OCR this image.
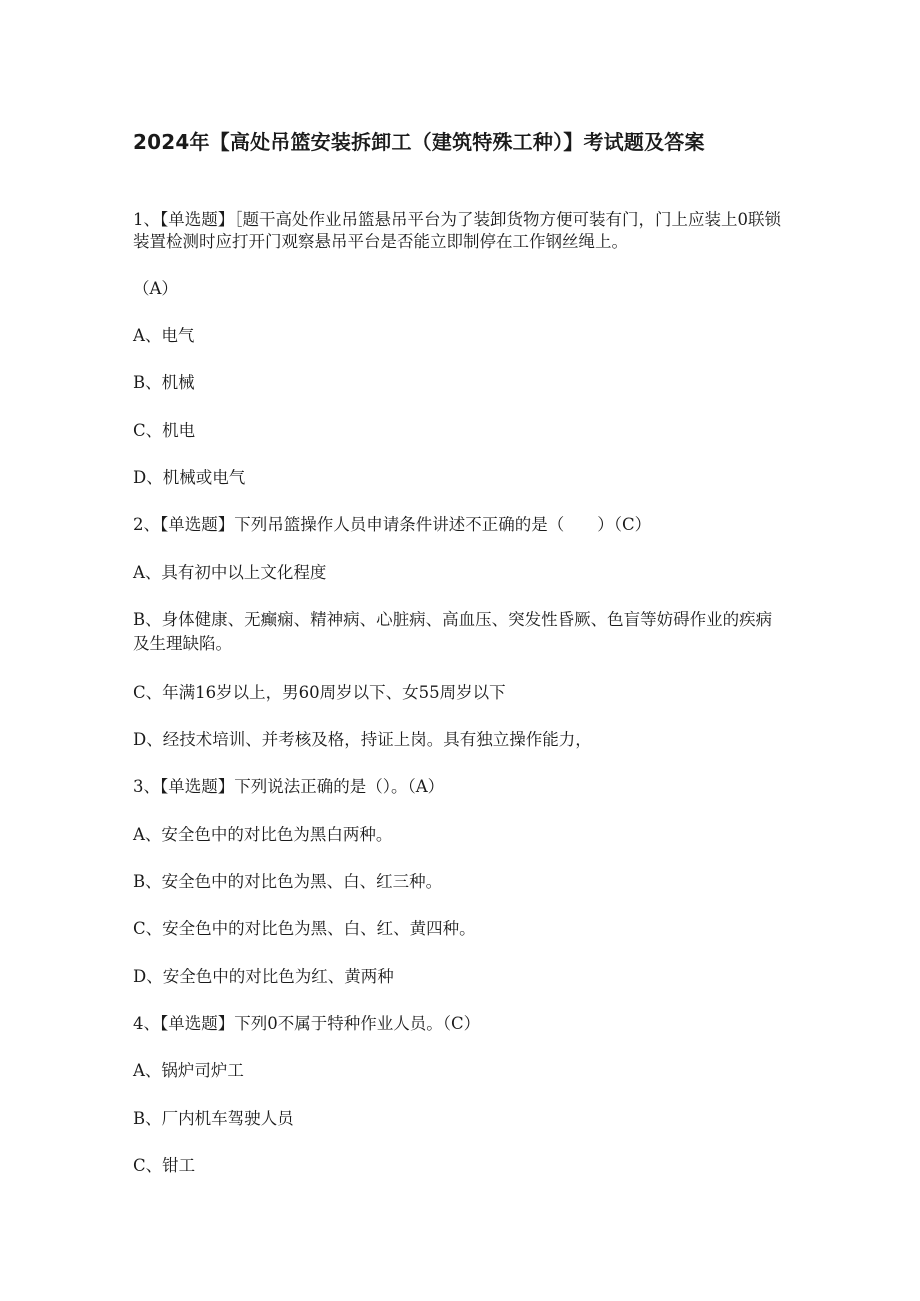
2024年【高处吊篮安装拆卸工（建筑特殊工种）】考试题及答案
1、【单选题】［题干高处作业吊篮悬吊平台为了装卸货物方便可装有门，门上应装上0联锁装置检测时应打开门观察悬吊平台是否能立即制停在工作钢丝绳上。
（A）
A、电气
B、机械
C、机电
D、机械或电气
2、【单选题】下列吊篮操作人员申请条件讲述不正确的是（　　）（C）
A、具有初中以上文化程度
B、身体健康、无癫痫、精神病、心脏病、高血压、突发性昏厥、色盲等妨碍作业的疾病及生理缺陷。
C、年满16岁以上，男60周岁以下、女55周岁以下
D、经技术培训、并考核及格，持证上岗。具有独立操作能力，
3、【单选题】下列说法正确的是（）。（A）
A、安全色中的对比色为黑白两种。
B、安全色中的对比色为黑、白、红三种。
C、安全色中的对比色为黑、白、红、黄四种。
D、安全色中的对比色为红、黄两种
4、【单选题】下列0不属于特种作业人员。（C）
A、锅炉司炉工
B、厂内机车驾驶人员
C、钳工
